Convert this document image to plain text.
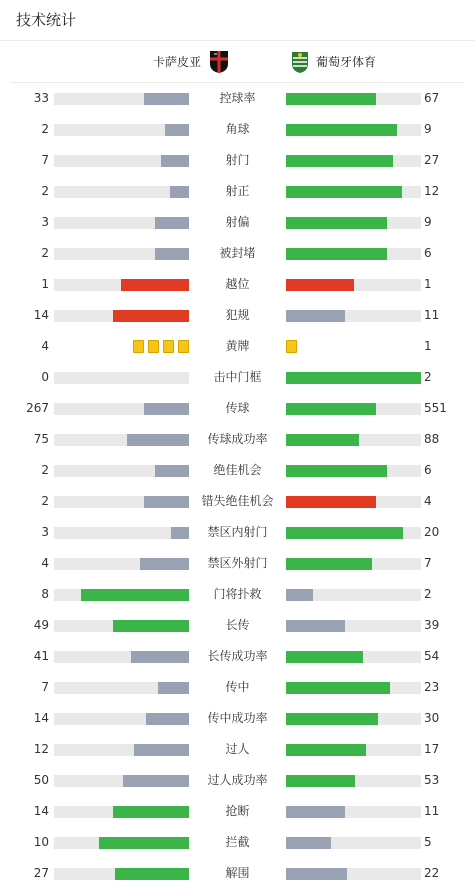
技术统计
卡萨皮亚	葡萄牙体育
33	控球率	67
2	角球	9
7	射门	27
2	射正	12
3	射偏	9
2	被封堵	6
1	越位	1
14	犯规	11
4	黄牌	1
0	击中门框	2
267	传球	551
75	传球成功率	88
2	绝佳机会	6
2	错失绝佳机会	4
3	禁区内射门	20
4	禁区外射门	7
8	门将扑救	2
49	长传	39
41	长传成功率	54
7	传中	23
14	传中成功率	30
12	过人	17
50	过人成功率	53
14	抢断	11
10	拦截	5
27	解围	22
